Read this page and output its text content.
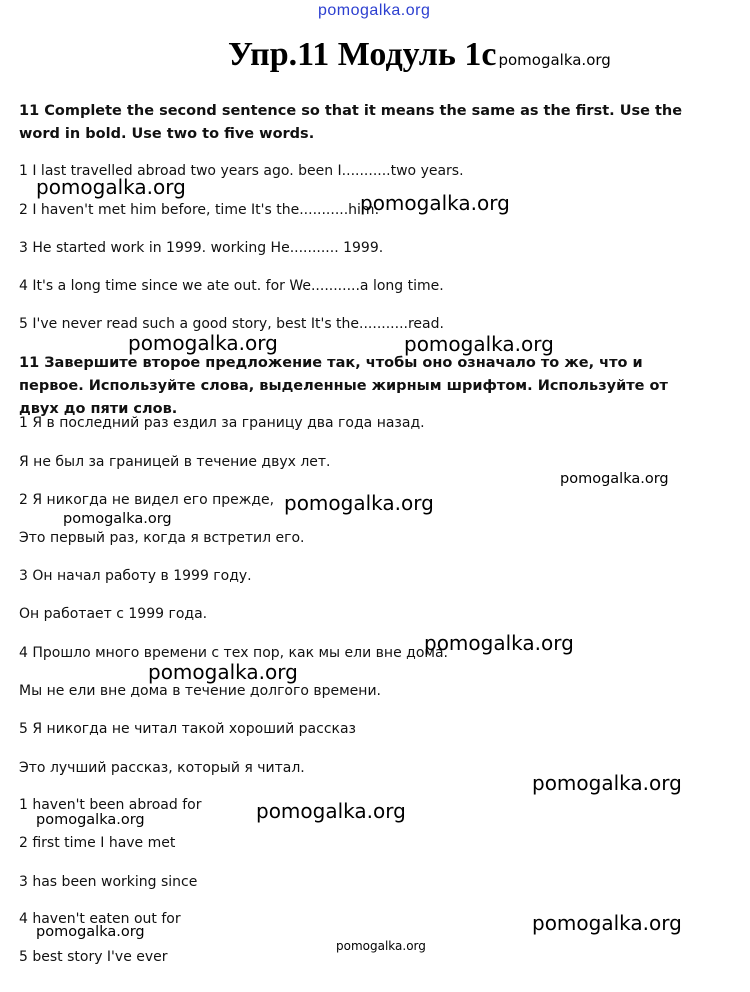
pomogalka.org
Упр.11 Модуль 1с pomogalka.org
11 Complete the second sentence so that it means the same as the first. Use the word in bold. Use two to five words.
1 I last travelled abroad two years ago. been I...........two years.
2 I haven't met him before, time It's the...........him.
3 He started work in 1999. working He........... 1999.
4 It's a long time since we ate out. for We...........a long time.
5 I've never read such a good story, best It's the...........read.
11 Завершите второе предложение так, чтобы оно означало то же, что и первое. Используйте слова, выделенные жирным шрифтом. Используйте от двух до пяти слов.
1 Я в последний раз ездил за границу два года назад.
Я не был за границей в течение двух лет.
2 Я никогда не видел его прежде,
Это первый раз, когда я встретил его.
3 Он начал работу в 1999 году.
Он работает с 1999 года.
4 Прошло много времени с тех пор, как мы ели вне дома.
Мы не ели вне дома в течение долгого времени.
5 Я никогда не читал такой хороший рассказ
Это лучший рассказ, который я читал.
1 haven't been abroad for
2 first time I have met
3 has been working since
4 haven't eaten out for
5 best story I've ever
pomogalka.org
pomogalka.org
pomogalka.org	pomogalka.org
pomogalka.org
pomogalka.org
pomogalka.org
pomogalka.org
pomogalka.org
pomogalka.org
pomogalka.org
pomogalka.org
pomogalka.org
pomogalka.org
pomogalka.org
